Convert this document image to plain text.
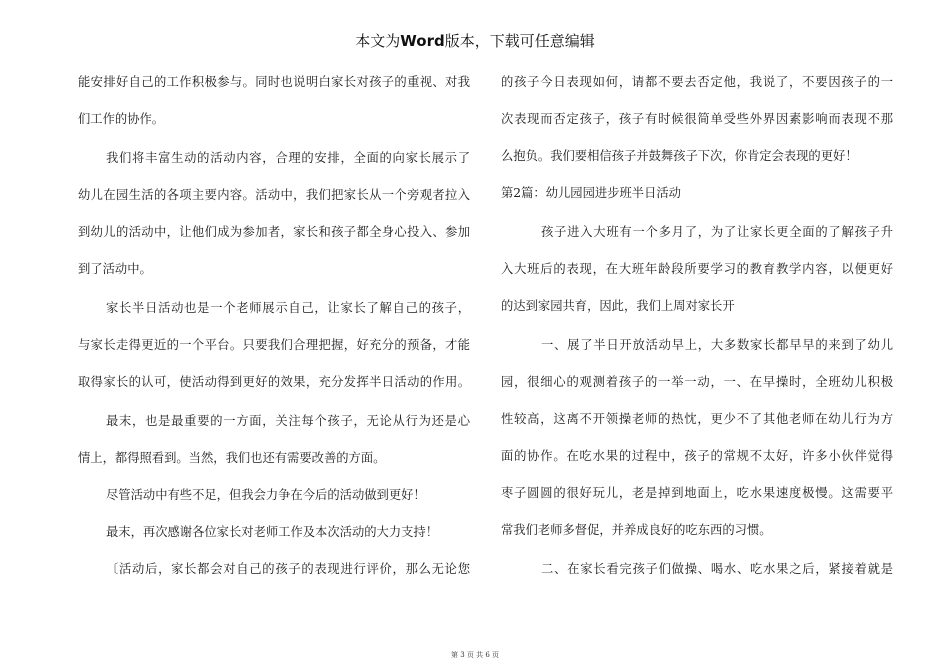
本文为Word版本，下载可任意编辑
能安排好自己的工作积极参与。同时也说明白家长对孩子的重视、对我
们工作的协作。
我们将丰富生动的活动内容，合理的安排，全面的向家长展示了
幼儿在园生活的各项主要内容。活动中，我们把家长从一个旁观者拉入
到幼儿的活动中，让他们成为参加者，家长和孩子都全身心投入、参加
到了活动中。
家长半日活动也是一个老师展示自己，让家长了解自己的孩子，
与家长走得更近的一个平台。只要我们合理把握，好充分的预备，才能
取得家长的认可，使活动得到更好的效果，充分发挥半日活动的作用。
最末，也是最重要的一方面，关注每个孩子，无论从行为还是心
情上，都得照看到。当然，我们也还有需要改善的方面。
尽管活动中有些不足，但我会力争在今后的活动做到更好！
最末，再次感谢各位家长对老师工作及本次活动的大力支持！
〔活动后，家长都会对自己的孩子的表现进行评价，那么无论您
的孩子今日表现如何，请都不要去否定他，我说了，不要因孩子的一
次表现而否定孩子，孩子有时候很简单受些外界因素影响而表现不那
么抱负。我们要相信孩子并鼓舞孩子下次，你肯定会表现的更好！
第2篇：幼儿园园进步班半日活动
孩子进入大班有一个多月了，为了让家长更全面的了解孩子升
入大班后的表现，在大班年龄段所要学习的教育教学内容，以便更好
的达到家园共育，因此，我们上周对家长开
一、展了半日开放活动早上，大多数家长都早早的来到了幼儿
园，很细心的观测着孩子的一举一动，一、在早操时，全班幼儿积极
性较高，这离不开领操老师的热忱，更少不了其他老师在幼儿行为方
面的协作。在吃水果的过程中，孩子的常规不太好，许多小伙伴觉得
枣子圆圆的很好玩儿，老是掉到地面上，吃水果速度极慢。这需要平
常我们老师多督促，并养成良好的吃东西的习惯。
二、在家长看完孩子们做操、喝水、吃水果之后，紧接着就是
第 3 页 共 6 页
